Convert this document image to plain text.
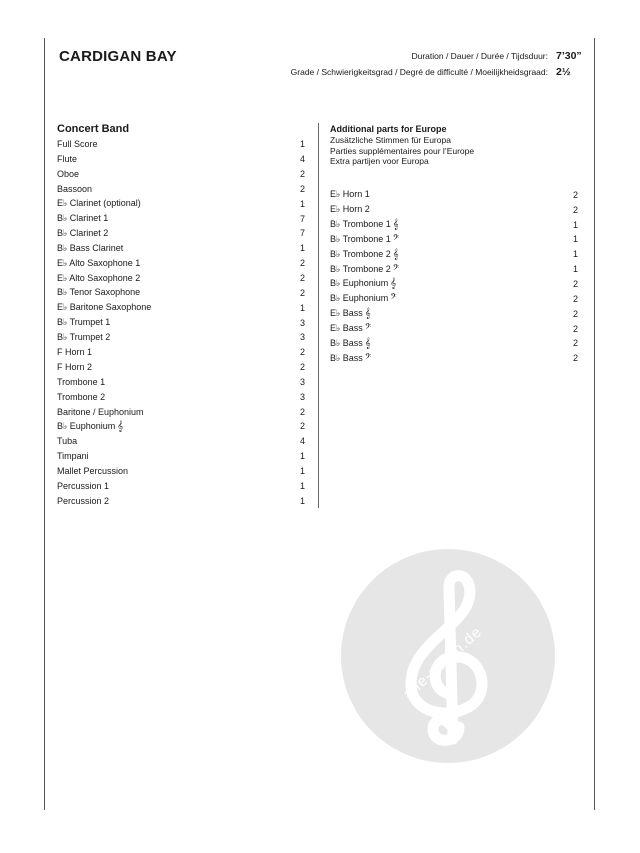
CARDIGAN BAY	Duration / Dauer / Durée / Tijdsduur: 7’30”
Grade / Schwierigkeitsgrad / Degré de difficulté / Moeilijkheidsgraad: 2½
Concert Band
Full Score	1
Flute	4
Oboe	2
Bassoon	2
E♭ Clarinet (optional)	1
B♭ Clarinet 1	7
B♭ Clarinet 2	7
B♭ Bass Clarinet	1
E♭ Alto Saxophone 1	2
E♭ Alto Saxophone 2	2
B♭ Tenor Saxophone	2
E♭ Baritone Saxophone	1
B♭ Trumpet 1	3
B♭ Trumpet 2	3
F Horn 1	2
F Horn 2	2
Trombone 1	3
Trombone 2	3
Baritone / Euphonium	2
B♭ Euphonium 𝄞	2
Tuba	4
Timpani	1
Mallet Percussion	1
Percussion 1	1
Percussion 2	1
Additional parts for Europe
Zusätzliche Stimmen für Europa
Parties supplémentaires pour l’Europe
Extra partijen voor Europa
E♭ Horn 1	2
E♭ Horn 2	2
B♭ Trombone 1 𝄞	1
B♭ Trombone 1 𝄢	1
B♭ Trombone 2 𝄞	1
B♭ Trombone 2 𝄢	1
B♭ Euphonium 𝄞	2
B♭ Euphonium 𝄢	2
E♭ Bass 𝄞	2
E♭ Bass 𝄢	2
B♭ Bass 𝄞	2
B♭ Bass 𝄢	2
alle-noten.de
